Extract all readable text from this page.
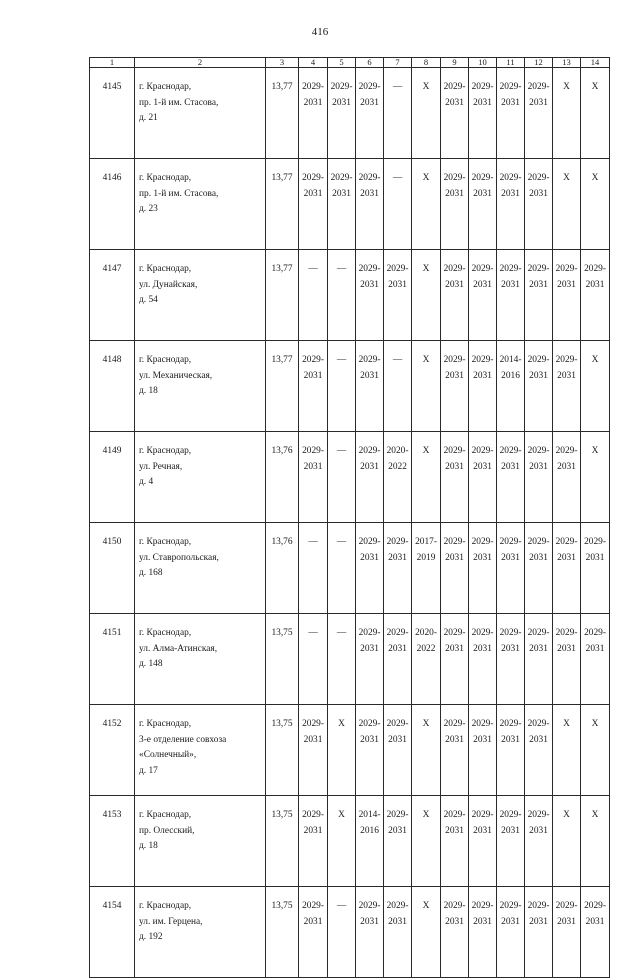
416
1	2	3	4	5	6	7	8	9	10	11	12	13	14
4145	г. Краснодар,
пр. 1-й им. Стасова,
д. 21	13,77	2029-
2031	2029-
2031	2029-
2031	—	X	2029-
2031	2029-
2031	2029-
2031	2029-
2031	X	X
4146	г. Краснодар,
пр. 1-й им. Стасова,
д. 23	13,77	2029-
2031	2029-
2031	2029-
2031	—	X	2029-
2031	2029-
2031	2029-
2031	2029-
2031	X	X
4147	г. Краснодар,
ул. Дунайская,
д. 54	13,77	—	—	2029-
2031	2029-
2031	X	2029-
2031	2029-
2031	2029-
2031	2029-
2031	2029-
2031	2029-
2031

4148	г. Краснодар,
ул. Механическая,
д. 18	13,77	2029-
2031	—	2029-
2031	—	X	2029-
2031	2029-
2031	2014-
2016	2029-
2031	2029-
2031	X
4149	г. Краснодар,
ул. Речная,
д. 4	13,76	2029-
2031	—	2029-
2031	2020-
2022	X	2029-
2031	2029-
2031	2029-
2031	2029-
2031	2029-
2031	X
4150	г. Краснодар,
ул. Ставропольская,
д. 168	13,76	—	—	2029-
2031	2029-
2031	2017-
2019	2029-
2031	2029-
2031	2029-
2031	2029-
2031	2029-
2031	2029-
2031

4151	г. Краснодар,
ул. Алма-Атинская,
д. 148	13,75	—	—	2029-
2031	2029-
2031	2020-
2022	2029-
2031	2029-
2031	2029-
2031	2029-
2031	2029-
2031	2029-
2031

4152	г. Краснодар,
3-е отделение совхоза
«Солнечный»,
д. 17	13,75	2029-
2031	X	2029-
2031	2029-
2031	X	2029-
2031	2029-
2031	2029-
2031	2029-
2031	X	X
4153	г. Краснодар,
пр. Олесский,
д. 18	13,75	2029-
2031	X	2014-
2016	2029-
2031	X	2029-
2031	2029-
2031	2029-
2031	2029-
2031	X	X
4154	г. Краснодар,
ул. им. Герцена,
д. 192	13,75	2029-
2031	—	2029-
2031	2029-
2031	X	2029-
2031	2029-
2031	2029-
2031	2029-
2031	2029-
2031	2029-
2031
